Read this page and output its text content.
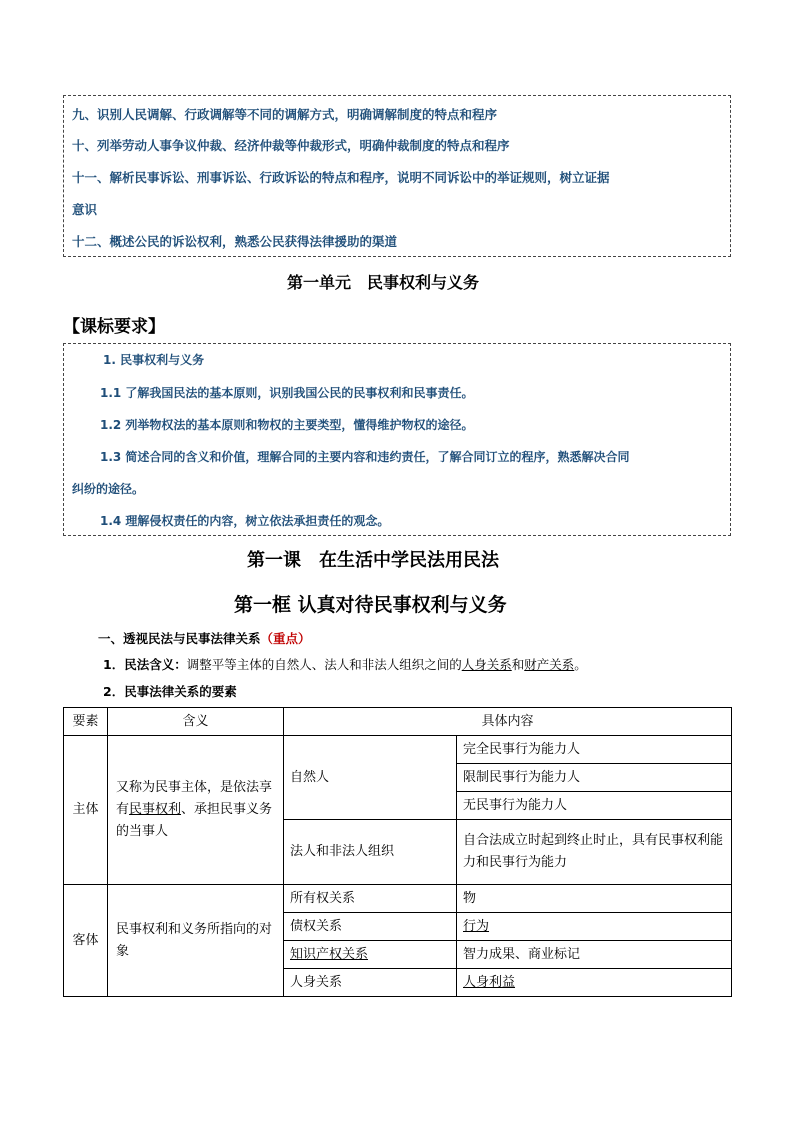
九、识别人民调解、行政调解等不同的调解方式，明确调解制度的特点和程序
十、列举劳动人事争议仲裁、经济仲裁等仲裁形式，明确仲裁制度的特点和程序
十一、解析民事诉讼、刑事诉讼、行政诉讼的特点和程序，说明不同诉讼中的举证规则，树立证据
意识
十二、概述公民的诉讼权利，熟悉公民获得法律援助的渠道
第一单元　民事权利与义务
【课标要求】
1. 民事权利与义务
1.1 了解我国民法的基本原则，识别我国公民的民事权利和民事责任。
1.2 列举物权法的基本原则和物权的主要类型，懂得维护物权的途径。
1.3 简述合同的含义和价值，理解合同的主要内容和违约责任，了解合同订立的程序，熟悉解决合同
纠纷的途径。
1.4 理解侵权责任的内容，树立依法承担责任的观念。
第一课　在生活中学民法用民法
第一框 认真对待民事权利与义务
一、透视民法与民事法律关系（重点）
1．民法含义：调整平等主体的自然人、法人和非法人组织之间的人身关系和财产关系。
2．民事法律关系的要素
要素	含义	具体内容	
主体	又称为民事主体，是依法享有民事权利、承担民事义务的当事人	自然人	完全民事行为能力人
			限制民事行为能力人
			无民事行为能力人
		法人和非法人组织	自合法成立时起到终止时止，具有民事权利能力和民事行为能力
客体	民事权利和义务所指向的对象	所有权关系	物
		债权关系	行为
		知识产权关系	智力成果、商业标记
		人身关系	人身利益
